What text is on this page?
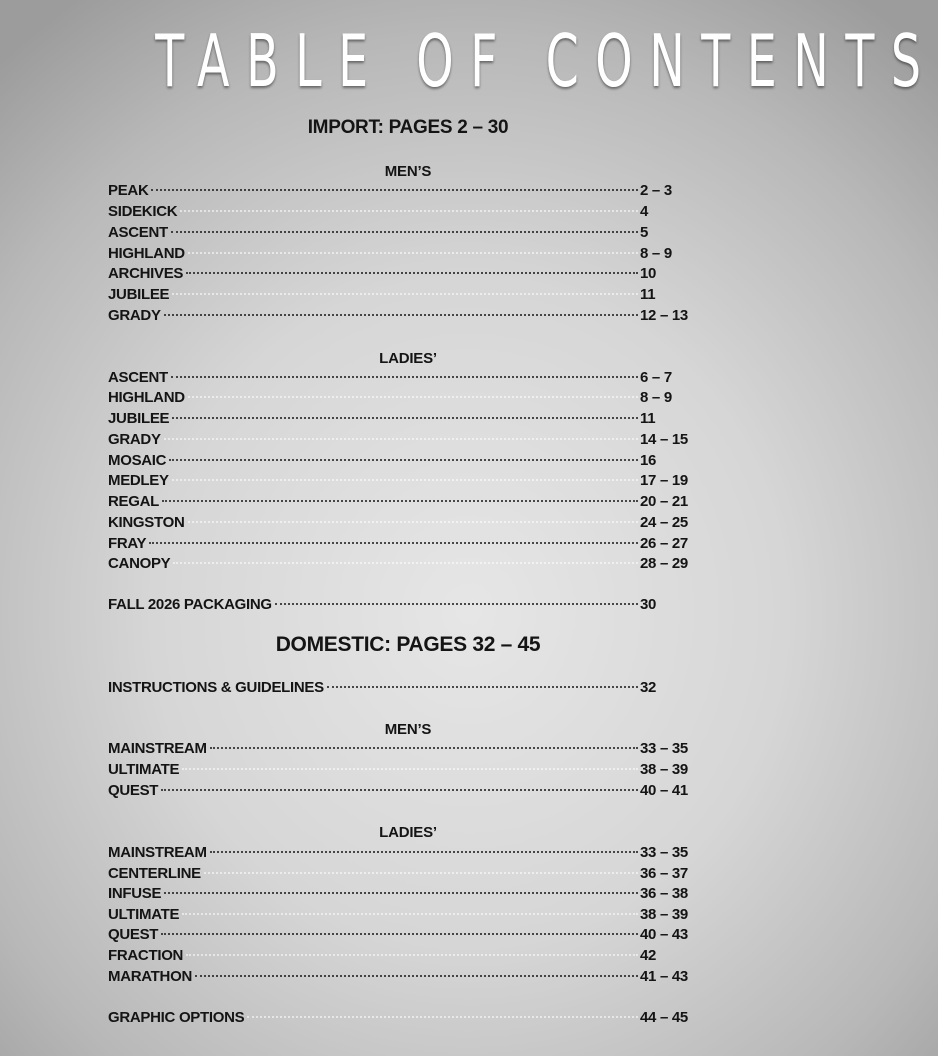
TABLE OF CONTENTS
IMPORT: PAGES 2 – 30
MEN’S
PEAK	2 – 3
SIDEKICK	4
ASCENT	5
HIGHLAND	8 – 9
ARCHIVES	10
JUBILEE	11
GRADY	12 – 13
LADIES’
ASCENT	6 – 7
HIGHLAND	8 – 9
JUBILEE	11
GRADY	14 – 15
MOSAIC	16
MEDLEY	17 – 19
REGAL	20 – 21
KINGSTON	24 – 25
FRAY	26 – 27
CANOPY	28 – 29
FALL 2026 PACKAGING	30
DOMESTIC: PAGES 32 – 45
INSTRUCTIONS & GUIDELINES	32
MEN’S
MAINSTREAM	33 – 35
ULTIMATE	38 – 39
QUEST	40 – 41
LADIES’
MAINSTREAM	33 – 35
CENTERLINE	36 – 37
INFUSE	36 – 38
ULTIMATE	38 – 39
QUEST	40 – 43
FRACTION	42
MARATHON	41 – 43
GRAPHIC OPTIONS	44 – 45
